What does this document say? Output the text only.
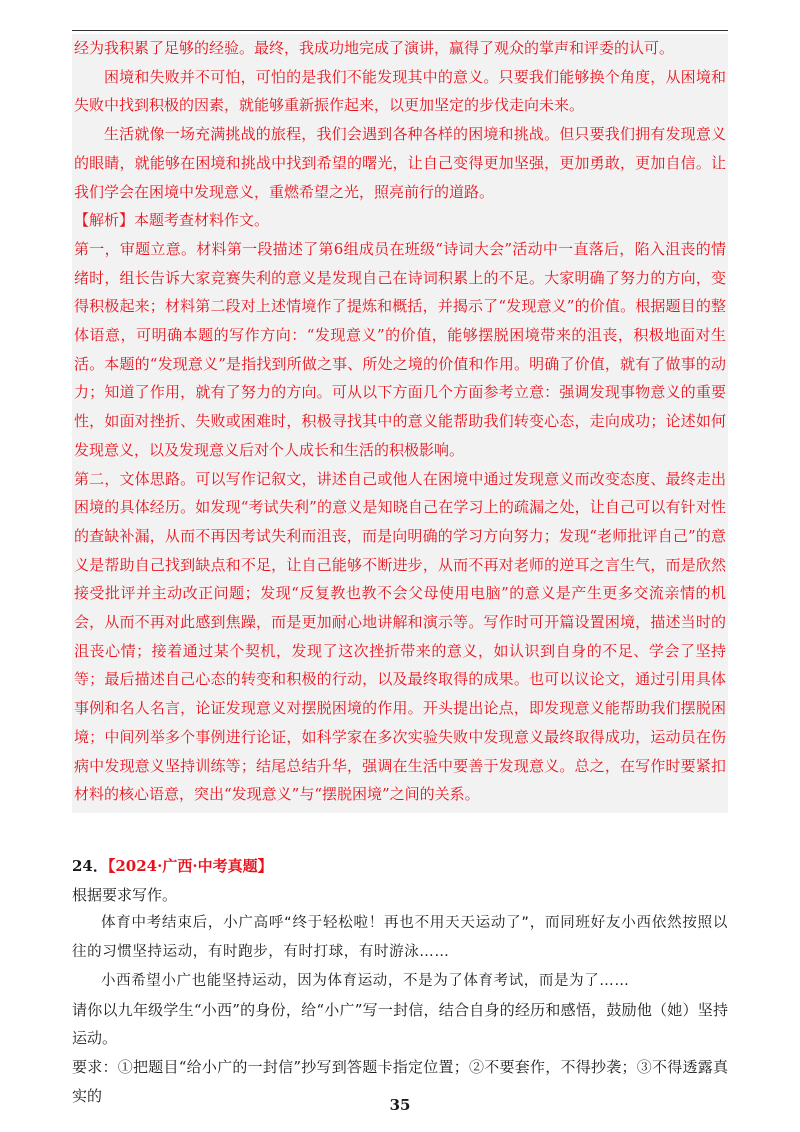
经为我积累了足够的经验。最终，我成功地完成了演讲，赢得了观众的掌声和评委的认可。

困境和失败并不可怕，可怕的是我们不能发现其中的意义。只要我们能够换个角度，从困境和失败中找到积极的因素，就能够重新振作起来，以更加坚定的步伐走向未来。

生活就像一场充满挑战的旅程，我们会遇到各种各样的困境和挑战。但只要我们拥有发现意义的眼睛，就能够在困境和挑战中找到希望的曙光，让自己变得更加坚强，更加勇敢，更加自信。让我们学会在困境中发现意义，重燃希望之光，照亮前行的道路。

【解析】本题考查材料作文。

第一，审题立意。材料第一段描述了第6组成员在班级“诗词大会”活动中一直落后，陷入沮丧的情绪时，组长告诉大家竞赛失利的意义是发现自己在诗词积累上的不足。大家明确了努力的方向，变得积极起来；材料第二段对上述情境作了提炼和概括，并揭示了“发现意义”的价值。根据题目的整体语意，可明确本题的写作方向：“发现意义”的价值，能够摆脱困境带来的沮丧，积极地面对生活。本题的“发现意义”是指找到所做之事、所处之境的价值和作用。明确了价值，就有了做事的动力；知道了作用，就有了努力的方向。可从以下方面几个方面参考立意：强调发现事物意义的重要性，如面对挫折、失败或困难时，积极寻找其中的意义能帮助我们转变心态，走向成功；论述如何发现意义，以及发现意义后对个人成长和生活的积极影响。

第二，文体思路。可以写作记叙文，讲述自己或他人在困境中通过发现意义而改变态度、最终走出困境的具体经历。如发现“考试失利”的意义是知晓自己在学习上的疏漏之处，让自己可以有针对性的查缺补漏，从而不再因考试失利而沮丧，而是向明确的学习方向努力；发现“老师批评自己”的意义是帮助自己找到缺点和不足，让自己能够不断进步，从而不再对老师的逆耳之言生气，而是欣然接受批评并主动改正问题；发现“反复教也教不会父母使用电脑”的意义是产生更多交流亲情的机会，从而不再对此感到焦躁，而是更加耐心地讲解和演示等。写作时可开篇设置困境，描述当时的沮丧心情；接着通过某个契机，发现了这次挫折带来的意义，如认识到自身的不足、学会了坚持等；最后描述自己心态的转变和积极的行动，以及最终取得的成果。也可以议论文，通过引用具体事例和名人名言，论证发现意义对摆脱困境的作用。开头提出论点，即发现意义能帮助我们摆脱困境；中间列举多个事例进行论证，如科学家在多次实验失败中发现意义最终取得成功，运动员在伤病中发现意义坚持训练等；结尾总结升华，强调在生活中要善于发现意义。总之，在写作时要紧扣材料的核心语意，突出“发现意义”与“摆脱困境”之间的关系。

24．【2024·广西·中考真题】

根据要求写作。

体育中考结束后，小广高呼“终于轻松啦！再也不用天天运动了”，而同班好友小西依然按照以往的习惯坚持运动，有时跑步，有时打球，有时游泳……

小西希望小广也能坚持运动，因为体育运动，不是为了体育考试，而是为了……

请你以九年级学生“小西”的身份，给“小广”写一封信，结合自身的经历和感悟，鼓励他（她）坚持运动。

要求：①把题目“给小广的一封信”抄写到答题卡指定位置；②不要套作，不得抄袭；③不得透露真实的

35
